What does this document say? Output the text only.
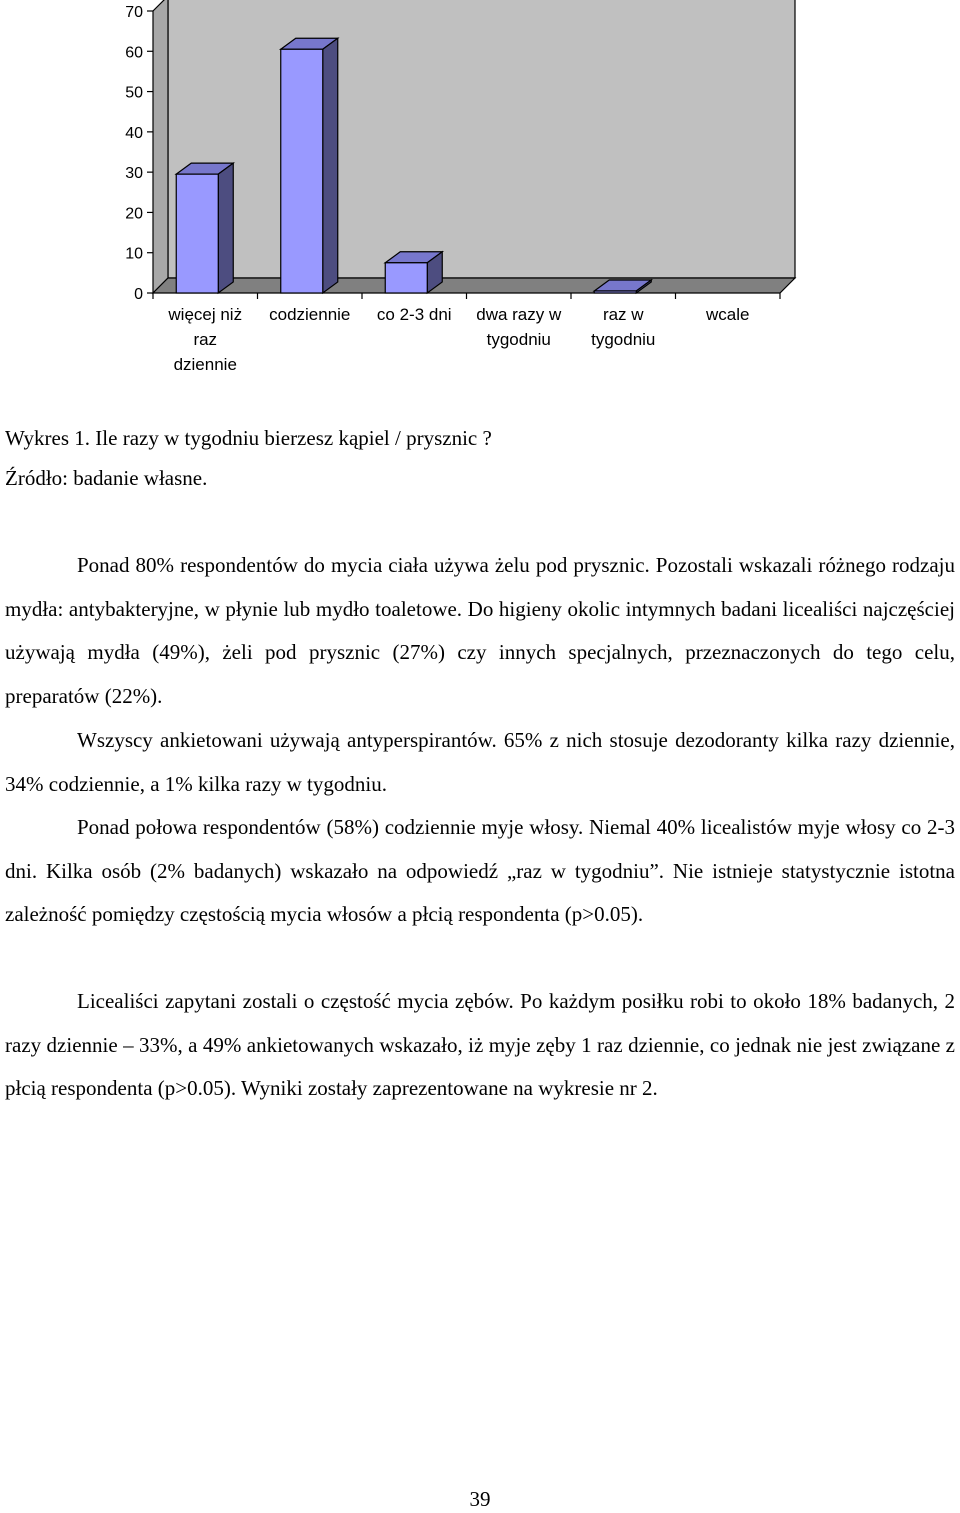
0
10
20
30
40
50
60
70
więcej niż raz dziennie
codziennie co 2-3 dni dwa razy w tygodniu
raz w tygodniu
wcale

Wykres 1. Ile razy w tygodniu bierzesz kąpiel / prysznic ?

Źródło: badanie własne.

Ponad 80% respondentów do mycia ciała używa żelu pod prysznic. Pozostali wskazali różnego rodzaju mydła: antybakteryjne, w płynie lub mydło toaletowe. Do higieny okolic intymnych badani licealiści najczęściej używają mydła (49%), żeli pod prysznic (27%) czy innych specjalnych, przeznaczonych do tego celu, preparatów (22%).

Wszyscy ankietowani używają antyperspirantów. 65% z nich stosuje dezodoranty kilka razy dziennie, 34% codziennie, a 1% kilka razy w tygodniu.

Ponad połowa respondentów (58%) codziennie myje włosy. Niemal 40% licealistów myje włosy co 2-3 dni. Kilka osób (2% badanych) wskazało na odpowiedź „raz w tygodniu”. Nie istnieje statystycznie istotna zależność pomiędzy częstością mycia włosów a płcią respondenta (p>0.05).

Licealiści zapytani zostali o częstość mycia zębów. Po każdym posiłku robi to około 18% badanych, 2 razy dziennie – 33%, a 49% ankietowanych wskazało, iż myje zęby 1 raz dziennie, co jednak nie jest związane z płcią respondenta (p>0.05). Wyniki zostały zaprezentowane na wykresie nr 2.

39
